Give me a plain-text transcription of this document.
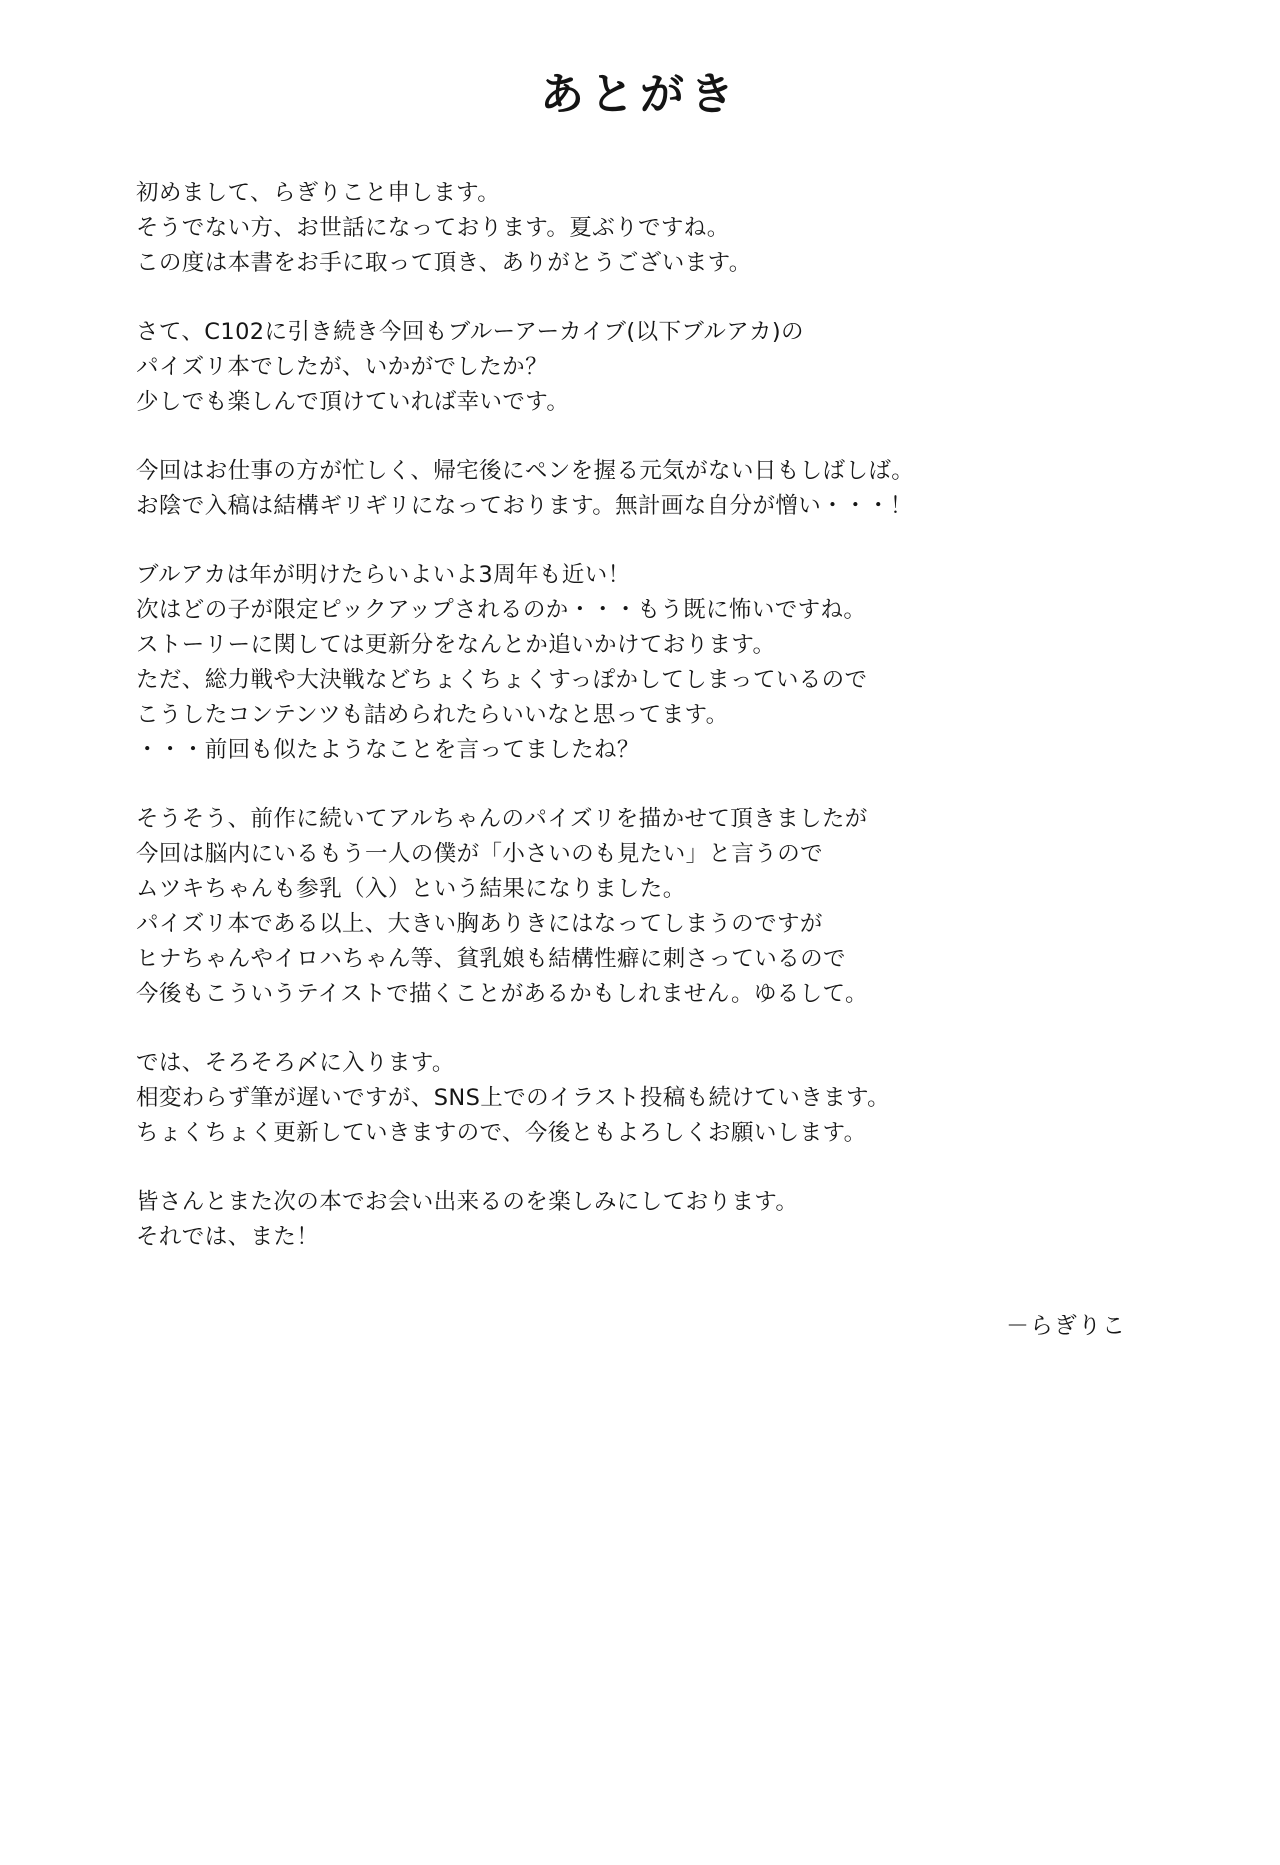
あとがき
初めまして、らぎりこと申します。
そうでない方、お世話になっております。夏ぶりですね。
この度は本書をお手に取って頂き、ありがとうございます。
さて、C102に引き続き今回もブルーアーカイブ(以下ブルアカ)の
パイズリ本でしたが、いかがでしたか？
少しでも楽しんで頂けていれば幸いです。
今回はお仕事の方が忙しく、帰宅後にペンを握る元気がない日もしばしば。
お陰で入稿は結構ギリギリになっております。無計画な自分が憎い・・・！
ブルアカは年が明けたらいよいよ3周年も近い！
次はどの子が限定ピックアップされるのか・・・もう既に怖いですね。
ストーリーに関しては更新分をなんとか追いかけております。
ただ、総力戦や大決戦などちょくちょくすっぽかしてしまっているので
こうしたコンテンツも詰められたらいいなと思ってます。
・・・前回も似たようなことを言ってましたね？
そうそう、前作に続いてアルちゃんのパイズリを描かせて頂きましたが
今回は脳内にいるもう一人の僕が「小さいのも見たい」と言うので
ムツキちゃんも参乳（入）という結果になりました。
パイズリ本である以上、大きい胸ありきにはなってしまうのですが
ヒナちゃんやイロハちゃん等、貧乳娘も結構性癖に刺さっているので
今後もこういうテイストで描くことがあるかもしれません。ゆるして。
では、そろそろ〆に入ります。
相変わらず筆が遅いですが、SNS上でのイラスト投稿も続けていきます。
ちょくちょく更新していきますので、今後ともよろしくお願いします。
皆さんとまた次の本でお会い出来るのを楽しみにしております。
それでは、また！
－らぎりこ
